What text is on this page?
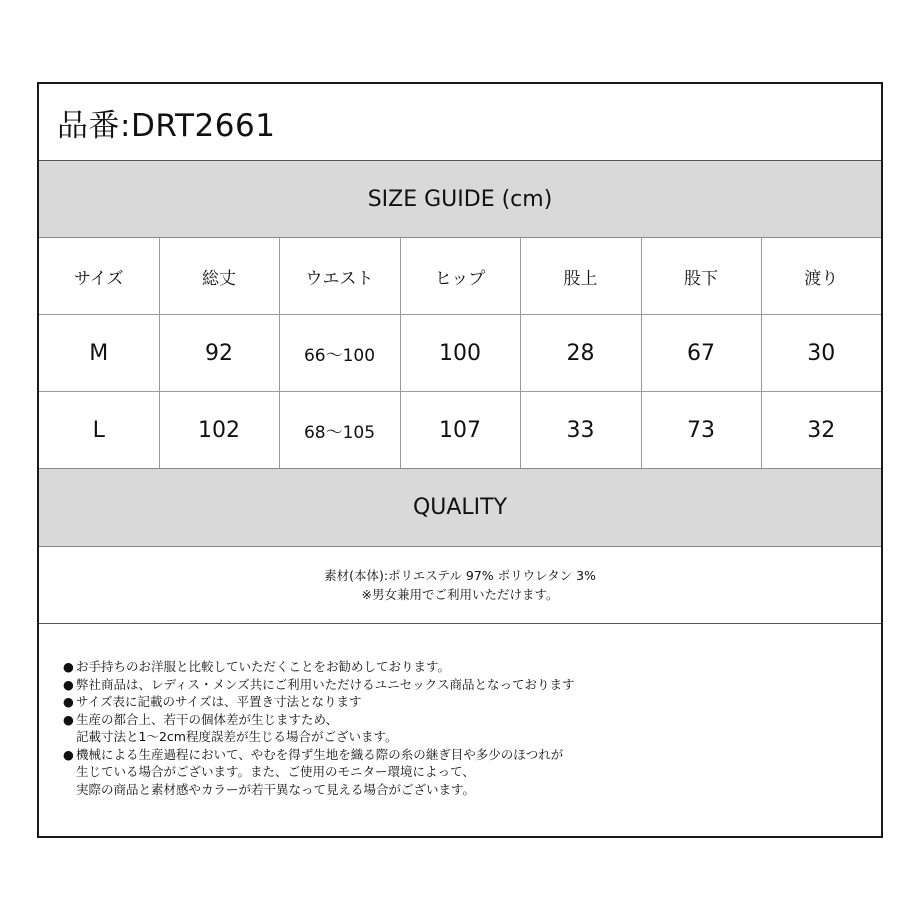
品番:DRT2661
SIZE GUIDE (cm)
サイズ	総丈	ウエスト	ヒップ	股上	股下	渡り
M	92	66〜100	100	28	67	30
L	102	68〜105	107	33	73	32
QUALITY
素材(本体):ポリエステル 97% ポリウレタン 3%
※男女兼用でご利用いただけます。
● お手持ちのお洋服と比較していただくことをお勧めしております。
● 弊社商品は、レディス・メンズ共にご利用いただけるユニセックス商品となっております
● サイズ表に記載のサイズは、平置き寸法となります
● 生産の都合上、若干の個体差が生じますため、
記載寸法と1～2cm程度誤差が生じる場合がございます。
● 機械による生産過程において、やむを得ず生地を織る際の糸の継ぎ目や多少のほつれが
生じている場合がございます。また、ご使用のモニター環境によって、
実際の商品と素材感やカラーが若干異なって見える場合がございます。
